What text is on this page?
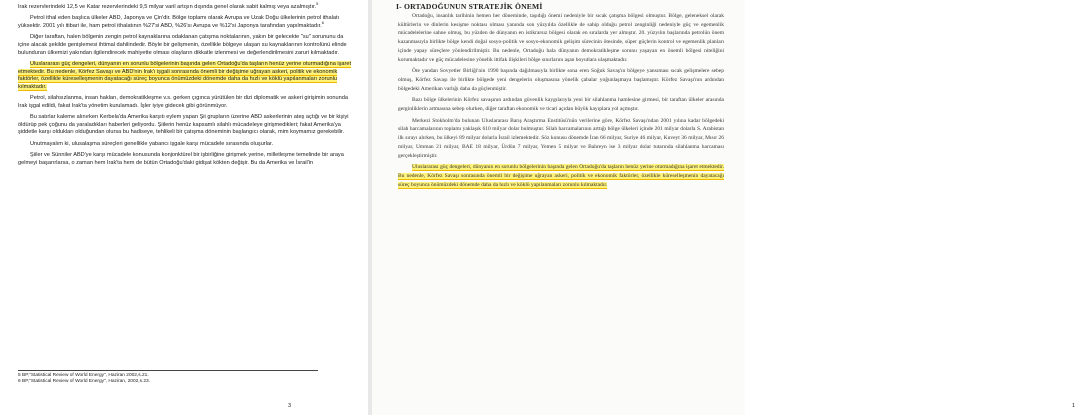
Irak rezervlerindeki 12,5 ve Katar rezervlerindeki 9,5 milyar varil artışın dışında genel olarak sabit kalmış veya azalmıştır.$^5$

Petrol ithal eden başlıca ülkeler ABD, Japonya ve Çin'dir. Bölge toplamı olarak Avrupa ve Uzak Doğu ülkelerinin petrol ithalatı yüksektir. 2001 yılı itibari ile, ham petrol ithalatının %27'si ABD, %26'sı Avrupa ve %12'si Japonya tarafından yapılmaktadır.$^6$

Diğer taraftan, halen bölgenin zengin petrol kaynaklarına odaklanan çatışma noktalarının, yakın bir gelecekte "su" sorununu da içine alacak şekilde genişlemesi ihtimal dahilindedir. Böyle bir gelişmenin, özellikle bölgeye ulaşan su kaynaklarının kontrolünü elinde bulunduran ülkemizi yakından ilgilendirecek mahiyette olması olayların dikkatle izlenmesi ve değerlendirilmesini zaruri kılmaktadır.

Uluslararası güç dengeleri, dünyanın en sorunlu bölgelerinin başında gelen Ortadoğu'da taşların henüz yerine oturmadığına işaret etmektedir. Bu nedenle, Körfez Savaşı ve ABD'nin Irak'ı işgali sonrasında önemli bir değişime uğrayan askeri, politik ve ekonomik faktörler, özellikle küreselleşmenin dayatacağı süreç boyunca önümüzdeki dönemde daha da hızlı ve köklü yapılanmaları zorunlu kılmaktadır.

Petrol, silahsızlanma, insan hakları, demokratikleşme v.s. gerken çıgınca yürütülen bir dizi diplomatik ve askeri girişimin sonunda Irak işgal edildi, fakat Irak'ta yönetim kurulamadı. İşler iyiye gidecek gibi görünmüyor.

Bu satırlar kaleme alınırken Kerbela'da Amerika karşıtı eylem yapan Şii grupların üzerine ABD askerlerinin ateş açtığı ve bir kişiyi öldürüp pek çoğunu da yaraladıkları haberleri geliyordu. Şiilerin henüz kapsamlı silahlı mücadeleye girişmedikleri; fakat Amerika'ya şiddetle karşı oldukları olduğundan olursa bu hadiseye, tehlikeli bir çatışma döneminin başlangıcı olarak, mim koymamız gerekebilir.

Unutmayalım ki, ulusalaşma süreçleri genellikle yabancı işgale karşı mücadele sırasında oluşurlar.

Şiiler ve Sünniler ABD'ye karşı mücadele konusunda konjonktürel bir işbirliğine girişmek yerine, milletleşme temelinde bir araya gelmeyi başarırlarsa, o zaman hem Irak'ta hem de bütün Ortadoğu'daki gidişat kökten değişir. Bu da Amerika ve İsrail'in

5 BP,"Statistical Review of World Energy", Haziran 2002,s.21.
6 BP,"Statistical Review of World Energy", Haziran, 2002,s.23.
3
I- ORTADOĞUNUN STRATEJİK ÖNEMİ

Ortadoğu, insanlık tarihinin hemen her döneminde, taşıdığı önemi nedeniyle bir sıcak çatışma bölgesi olmuştur. Bölge, geleneksel olarak kültürlerin ve dinlerin kesişme noktası olması yanında son yüzyılda özellikle de sahip olduğu petrol zenginliği nedeniyle güç ve egemenlik mücadelelerine sahne olmuş, bu yüzden de dünyanın en istikrarsız bölgesi olarak en sıralarda yer almıştır. 20. yüzyılın başlarında petrolün önem kazanmasıyla birlikte bölge kendi doğal sosyo-politik ve sosyo-ekonomik gelişim sürecinin ötesinde, süper güçlerin kontrol ve egemenlik planları içinde yapay süreçlere yönlendirilmiştir. Bu nedenle, Ortadoğu hala dünyanın demokratikleşme sorunu yaşayan en önemli bölgesi niteliğini korumaktadır ve güç mücadelesine yönelik ittifak ilişkileri bölge sınırlarını aşan boyutlara ulaşmaktadır.

Öte yandan Sovyetler Birliği'nin 1990 başında dağılmasıyla birlikte sona eren Soğuk Savaş'ın bölgeye yansıması sıcak gelişmelere sebep olmuş, Körfez Savaşı ile birlikte bölgede yeni dengelerin oluşmasına yönelik çabalar yoğunlaşmaya başlamıştır. Körfez Savaşı'nın ardından bölgedeki Amerikan varlığı daha da güçlenmiştir.

Bazı bölge ülkelerinin Körfez savaşının ardından güvenlik kaygılarıyla yeni bir silahlanma hamlesine girmesi, bir taraftan ülkeler arasında gerginliklerin artmasına sebep olurken, diğer taraftan ekonomik ve ticari açıdan büyük kayıplara yol açmıştır.

Merkezi Stokholm'da bulunan Uluslararası Barış Araştırma Enstitüsü'nün verilerine göre, Körfez Savaşı'ndan 2001 yılına kadar bölgedeki silah harcamalarının toplamı yaklaşık 610 milyar dolar bulmuştur. Silah harcamalarının arttığı bölge ülkeleri içinde 201 milyar dolarla S. Arabistan ilk sırayı alırken, bu ülkeyi 89 milyar dolarla İsrail izlemektedir. Söz konusu dönemde İran 66 milyar, Suriye 46 milyar, Kuveyt 36 milyar, Mısır 26 milyar, Umman 21 milyar, BAE 18 milyar, Ürdün 7 milyar, Yemen 5 milyar ve Bahreyn ise 3 milyar dolar tutarında silahlanma harcaması gerçekleştirmiştir.

Uluslararası güç dengeleri, dünyanın en sorunlu bölgelerinin başında gelen Ortadoğu'da taşların henüz yerine oturmadığına işaret etmektedir. Bu nedenle, Körfez Savaşı sonrasında önemli bir değişime uğrayan askeri, politik ve ekonomik faktörler, özellikle küreselleşmenin dayatacağı süreç boyunca önümüzdeki dönemde daha da hızlı ve köklü yapılanmaları zorunlu kılmaktadır.

1
